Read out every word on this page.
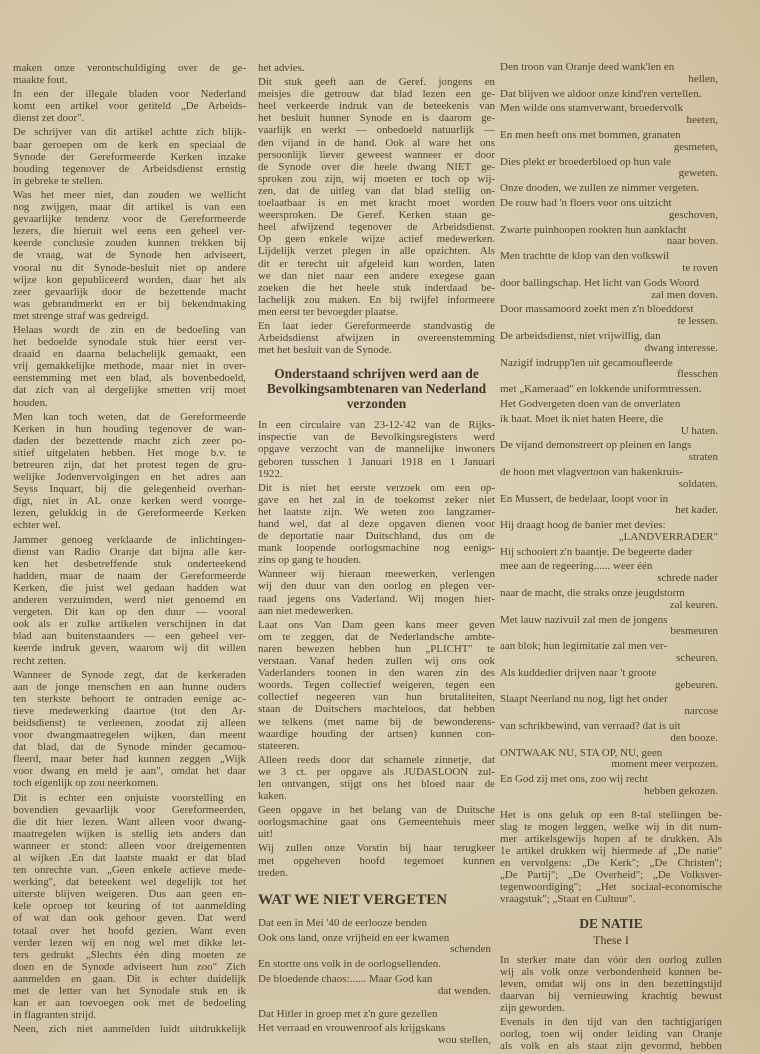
maken onze verontschuldiging over de ge-
maakte fout.
In een der illegale bladen voor Nederland
komt een artikel voor getiteld „De Arbeids-
dienst zet door".
De schrijver van dit artikel achtte zich blijk-
baar geroepen om de kerk en speciaal de
Synode der Gereformeerde Kerken inzake
houding tegenover de Arbeidsdienst ernstig
in gebreke te stellen.
Was het meer niet, dan zouden we wellicht
nog zwijgen, maar dit artikel is van een
gevaarlijke tendenz voor de Gereformeerde
lezers, die hieruit wel eens een geheel ver-
keerde conclusie zouden kunnen trekken bij
de vraag, wat de Synode hen adviseert,
vooral nu dit Synode-besluit niet op andere
wijze kon gepubliceerd worden, daar het als
zeer gevaarlijk door de bezettende macht
was gebrandmerkt en er bij bekendmaking
met strenge straf was gedreigd.
Helaas wordt de zin en de bedoeling van
het bedoelde synodale stuk hier eerst ver-
draaid en daarna belachelijk gemaakt, een
vrij gemakkelijke methode, maar niet in over-
eenstemming met een blad, als bovenbedoeld,
dat zich van al dergelijke smetten vrij moet
houden.
Men kan toch weten, dat de Gereformeerde
Kerken in hun houding tegenover de wan-
daden der bezettende macht zich zeer po-
sitief uitgelaten hebben. Het moge b.v. te
betreuren zijn, dat het protest tegen de gru-
welijke Jodenvervolgingen en het adres aan
Seyss Inquart, bij die gelegenheid overhan-
digt, niet in AL onze kerken werd voorge-
lezen, gelukkig in de Gereformeerde Kerken
echter wel.
Jammer genoeg verklaarde de inlichtingen-
dienst van Radio Oranje dat bijna alle ker-
ken het desbetreffende stuk onderteekend
hadden, maar de naam der Gereformeerde
Kerken, die juist wel gedaan hadden wat
anderen verzuimden, werd niet genoemd en
vergeten. Dit kan op den duur — vooral
ook als er zulke artikelen verschijnen in dat
blad aan buitenstaanders — een geheel ver-
keerde indruk geven, waarom wij dit willen
recht zetten.
Wanneer de Synode zegt, dat de kerkeraden
aan de jonge menschen en aan hunne ouders
ten sterkste behoort te ontraden eenige ac-
tieve medewerking daartoe (tot den Ar-
beidsdienst) te verleenen, zoodat zij alleen
voor dwangmaatregelen wijken, dan meent
dat blad, dat de Synode minder gecamou-
fleerd, maar beter had kunnen zeggen „Wijk
voor dwang en meld je aan", omdat het daar
toch eigenlijk op zou neerkomen.
Dit is echter een onjuiste voorstelling en
bovendien gevaarlijk voor Gereformeerden,
die dit hier lezen. Want alleen voor dwang-
maatregelen wijken is stellig iets anders dan
wanneer er stond: alleen voor dreigementen
al wijken .En dat laatste maakt er dat blad
ten onrechte van. „Geen enkele actieve mede-
werking", dat beteekent wel degelijk tot het
uiterste blijven weigeren. Dus aan geen en-
kele oproep tot keuring of tot aanmelding
of wat dan ook gehoor geven. Dat werd
totaal over het hoofd gezien. Want even
verder lezen wij en nog wel met dikke let-
ters gedrukt „Slechts één ding moeten ze
doen en de Synode adviseert hun zoo" Zich
aanmelden en gaan. Dit is echter duidelijk
met de letter van het Synodale stuk en ik
kan er aan toevoegen ook met de bedoeling
in flagranten strijd.
Neen, zich niet aanmelden luidt uitdrukkelijk
het advies.
Dit stuk geeft aan de Geref. jongens en
meisjes die getrouw dat blad lezen een ge-
heel verkeerde indruk van de beteekenis van
het besluit hunner Synode en is daarom ge-
vaarlijk en werkt — onbedoeld natuurlijk —
den vijand in de hand. Ook al ware het ons
persoonlijk liever geweest wanneer er door
de Synode over die heele dwang NIET ge-
sproken zou zijn, wij moeten er toch op wij-
zen, dat de uitleg van dat blad stellig on-
toelaatbaar is en met kracht moet worden
weersproken. De Geref. Kerken staan ge-
heel afwijzend tegenover de Arbeidsdienst.
Op geen enkele wijze actief medewerken.
Lijdelijk verzet plegen in alle opzichten. Als
dit er terecht uit afgeleid kan worden, laten
we dan niet naar een andere exegese gaan
zoeken die het heele stuk inderdaad be-
lachelijk zou maken. En bij twijfel informeere
men eerst ter bevoegder plaatse.
En laat ieder Gereformeerde standvastig de
Arbeidsdienst afwijzen in overeenstemming
met het besluit van de Synode.
Onderstaand schrijven werd aan de Bevolkingsambtenaren van Nederland verzonden
In een circulaire van 23-12-'42 van de Rijks-
inspectie van de Bevolkingsregisters werd
opgave verzocht van de mannelijke inwoners
geboren tusschen 1 Januari 1918 en 1 Januari
1922.
Dit is niet het eerste verzoek om een op-
gave en het zal in de toekomst zeker niet
het laatste zijn. We weten zoo langzamer-
hand wel, dat al deze opgaven dienen voor
de deportatie naar Duitschland, dus om de
mank loopende oorlogsmachine nog eenigs-
zins op gang te houden.
Wanneer wij hieraan meewerken, verlengen
wij den duur van den oorlog en plegen ver-
raad jegens ons Vaderland. Wij mogen hier-
aan niet medewerken.
Laat ons Van Dam geen kans meer geven
om te zeggen, dat de Nederlandsche ambte-
naren bewezen hebben hun „PLICHT" te
verstaan. Vanaf heden zullen wij ons ook
Vaderlanders toonen in den waren zin des
woords. Tegen collectief weigeren, tegen een
collectief negeeren van hun brutaliteiten,
staan de Duitschers machteloos, dat hebben
we telkens (met name bij de bewonderens-
waardige houding der artsen) kunnen con-
stateeren.
Alleen reeds door dat schamele zinnetje, dat
we 3 ct. per opgave als JUDASLOON zul-
len ontvangen, stijgt ons het bloed naar de
kaken.
Geen opgave in het belang van de Duitsche
oorlogsmachine gaat ons Gemeentehuis meer
uit!
Wij zullen onze Vorstin bij haar terugkeer
met opgeheven hoofd tegemoet kunnen
treden.
WAT WE NIET VERGETEN
Dat een in Mei '40 de eerlooze benden
Ook ons land, onze vrijheid en eer kwamen
schenden
En stortte ons volk in de oorlogsellenden.
De bloedende chaos:...... Maar God kan
dat wenden.
Dat Hitler in groep met z'n gure gezellen
Het verraad en vrouwenroof als krijgskans
wou stellen,
Den troon van Oranje deed wank'len en
hellen,
Dat blijven we aldoor onze kind'ren vertellen.
Men wilde ons stamverwant, broedervolk
heeten,
En men heeft ons met bommen, granaten
gesmeten,
Dies plekt er broederbloed op hun vale
geweten.
Onze dooden, we zullen ze nimmer vergeten.
De rouw had 'n floers voor ons uitzicht
geschoven,
Zwarte puinhoopen rookten hun aanklacht
naar boven.
Men trachtte de klop van den volkswil
te roven
door ballingschap. Het licht van Gods Woord
zal men doven.
Door massamoord zoekt men z'n bloeddorst
te lessen.
De arbeidsdienst, niet vrijwillig, dan
dwang interesse.
Nazigif indrupp'len uit gecamoufleerde
flesschen
met „Kameraad" en lokkende uniformtressen.
Het Godvergeten doen van de onverlaten
ik haat. Moet ik niet haten Heere, die
U haten.
De vijand demonstreert op pleinen en langs
straten
de hoon met vlagvertoon van hakenkruis-
soldaten.
En Mussert, de bedelaar, loopt voor in
het kader.
Hij draagt hoog de banier met devies:
„LANDVERRADER"
Hij schooiert z'n baantje. De begeerte dader
mee aan de regeering...... weer één
schrede nader
naar de macht, die straks onze jeugdstorm
zal keuren.
Met lauw nazivuil zal men de jongens
besmeuren
aan blok; hun legimitatie zal men ver-
scheuren.
Als kuddedier drijven naar 't groote
gebeuren.
Slaapt Neerland nu nog, ligt het onder
narcose
van schrikbewind, van verraad? dat is uit
den booze.
ONTWAAK NU, STA OP, NU, geen
moment meer verpozen.
En God zij met ons, zoo wij recht
hebben gekozen.
Het is ons geluk op een 8-tal stellingen be-
slag te mogen leggen, welke wij in dit num-
mer artikelsgewijs hopen af te drukken. Als
1e artikel drukken wij hiermede af „De natie"
en vervolgens: „De Kerk"; „De Christen";
„De Partij"; „De Overheid"; „De Volksver-
tegenwoordiging"; „Het sociaal-economische
vraagstuk"; „Staat en Cultuur".
DE NATIE
These I
In sterker mate dan vóór den oorlog zullen
wij als volk onze verbondenheid kunnen be-
leven, omdat wij ons in den bezettingstijd
daarvan bij vernieuwing krachtig bewust
zijn geworden.
Evenals in den tijd van den tachtigjarigen
oorlog, toen wij onder leiding van Oranje
als volk en als staat zijn gevormd, hebben
